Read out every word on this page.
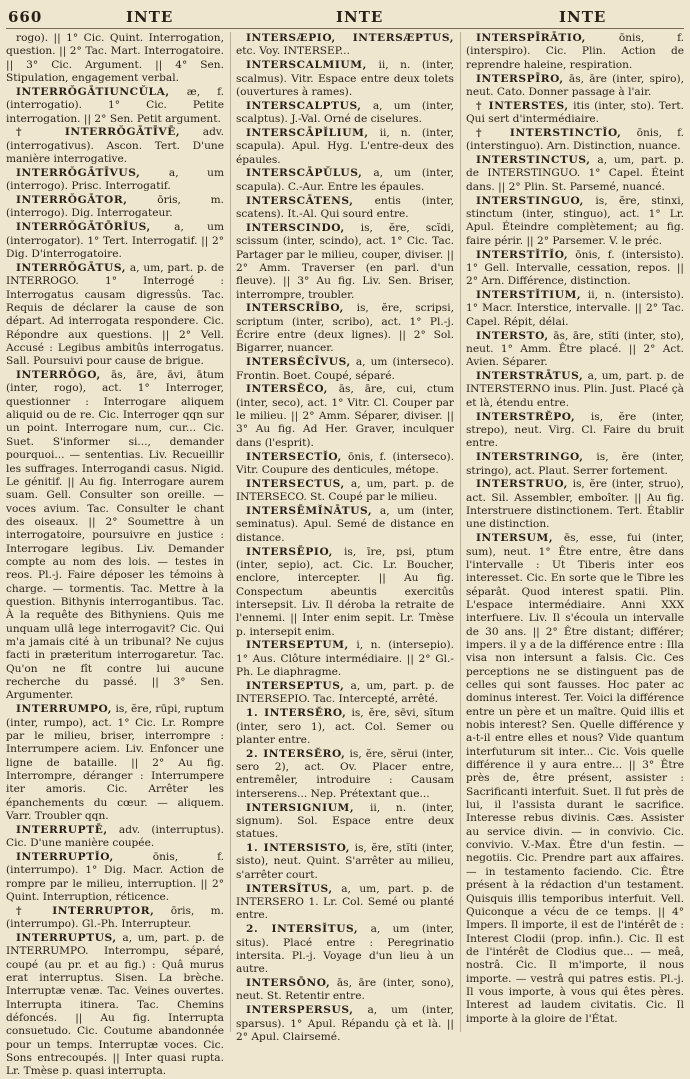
660	INTE	INTE	INTE

rogo). || 1° Cic. Quint. Interrogation, question. || 2° Tac. Mart. Interrogatoire. || 3° Cic. Argument. || 4° Sen. Stipulation, engagement verbal.

INTERRŎGĀTIUNCŬLA, æ, f. (interrogatio). 1° Cic. Petite interrogation. || 2° Sen. Petit argument.

† INTERRŎGĀTĪVĒ, adv. (interrogativus). Ascon. Tert. D'une manière interrogative.

INTERRŎGĀTĪVUS,	a, um (interrogo). Prisc. Interrogatif.

INTERRŎGĀTOR,	ōris, m. (interrogo). Dig. Interrogateur.

INTERRŎGĀTŌRĬUS, a, um (interrogator). 1° Tert. Interrogatif. || 2° Dig. D'interrogatoire.

INTERRŎGĀTUS, a, um, part. p. de INTERROGO. 1° Interrogé : Interrogatus causam digressûs. Tac. Requis de déclarer la cause de son départ. Ad interrogata respondere. Cic. Répondre aux questions. || 2° Vell. Accusé : Legibus ambitûs interrogatus. Sall. Poursuivi pour cause de brigue.

INTERRŎGO, ās, āre, āvi, ātum (inter, rogo), act. 1° Interroger, questionner : Interrogare aliquem aliquid ou de re. Cic. Interroger qqn sur un point. Interrogare num, cur... Cic. Suet. S'informer si..., demander pourquoi... — sententias. Liv. Recueillir les suffrages. Interrogandi casus. Nigid. Le génitif. || Au fig. Interrogare aurem suam. Gell. Consulter son oreille. — voces avium. Tac. Consulter le chant des oiseaux. || 2° Soumettre à un interrogatoire, poursuivre en justice : Interrogare legibus. Liv. Demander compte au nom des lois. — testes in reos. Pl.-j. Faire déposer les témoins à charge. — tormentis. Tac. Mettre à la question. Bithynis interrogantibus. Tac. À la requête des Bithyniens. Quis me unquam ullâ lege interrogavit? Cic. Qui m'a jamais cité à un tribunal? Ne cujus facti in præteritum interrogaretur. Tac. Qu'on ne fît contre lui aucune recherche du passé. || 3° Sen. Argumenter.

INTERRUMPO, is, ĕre, rūpi, ruptum (inter, rumpo), act. 1° Cic. Lr. Rompre par le milieu, briser, interrompre : Interrumpere aciem. Liv. Enfoncer une ligne de bataille. || 2° Au fig. Interrompre, déranger : Interrumpere iter amoris. Cic. Arrêter les épanchements du cœur. — aliquem. Varr. Troubler qqn.

INTERRUPTĒ, adv. (interruptus). Cic. D'une manière coupée.

INTERRUPTĬO,	ōnis, f. (interrumpo). 1° Dig. Macr. Action de rompre par le milieu, interruption. || 2° Quint. Interruption, réticence.

† INTERRUPTOR, ōris, m. (interrumpo). Gl.-Ph. Interrupteur.

INTERRUPTUS, a, um, part. p. de INTERRUMPO. Interrompu, séparé, coupé (au pr. et au fig.) : Quâ murus erat interruptus. Sisen. La brèche. Interruptæ venæ. Tac. Veines ouvertes. Interrupta itinera. Tac. Chemins défoncés. || Au fig. Interrupta consuetudo. Cic. Coutume abandonnée pour un temps. Interruptæ voces. Cic. Sons entrecoupés. || Inter quasi rupta. Lr. Tmèse p. quasi interrupta.

INTERSÆPIO, INTERSÆPTUS, etc. Voy. INTERSEP...

INTERSCALMIUM, ii, n. (inter, scalmus). Vitr. Espace entre deux tolets (ouvertures à rames).

INTERSCALPTUS, a, um (inter, scalptus). J.-Val. Orné de ciselures.

INTERSCĀPĬLIUM, ii, n. (inter, scapula). Apul. Hyg. L'entre-deux des épaules.

INTERSCĀPŬLUS, a, um (inter, scapula). C.-Aur. Entre les épaules.

INTERSCĀTENS, entis (inter, scatens). It.-Al. Qui sourd entre.

INTERSCINDO, is, ĕre, scĭdi, scissum (inter, scindo), act. 1° Cic. Tac. Partager par le milieu, couper, diviser. || 2° Amm. Traverser (en parl. d'un fleuve). || 3° Au fig. Liv. Sen. Briser, interrompre, troubler.

INTERSCRĪBO, is, ĕre, scripsi, scriptum (inter, scribo), act. 1° Pl.-j. Écrire entre (deux lignes). || 2° Sol. Bigarrer, nuancer.

INTERSĔCĪVUS, a, um (interseco). Frontin. Boet. Coupé, séparé.

INTERSĔCO, ās, āre, cui, ctum (inter, seco), act. 1° Vitr. Cl. Couper par le milieu. || 2° Amm. Séparer, diviser. || 3° Au fig. Ad Her. Graver, inculquer dans (l'esprit).

INTERSECTĬO, ōnis, f. (interseco). Vitr. Coupure des denticules, métope.

INTERSECTUS, a, um, part. p. de INTERSECO. St. Coupé par le milieu.

INTERSĒMĬNĀTUS, a, um (inter, seminatus). Apul. Semé de distance en distance.

INTERSĒPIO, is, īre, psi, ptum (inter, sepio), act. Cic. Lr. Boucher, enclore, intercepter. || Au fig. Conspectum abeuntis exercitûs intersepsit. Liv. Il déroba la retraite de l'ennemi. || Inter enim sepit. Lr. Tmèse p. intersepit enim.

INTERSEPTUM, i, n. (intersepio). 1° Aus. Clôture intermédiaire. || 2° Gl.-Ph. Le diaphragme.

INTERSEPTUS, a, um, part. p. de INTERSEPIO. Tac. Intercepté, arrêté.

1. INTERSĔRO, is, ĕre, sēvi, sĭtum (inter, sero 1), act. Col. Semer ou planter entre.

2. INTERSĔRO, is, ĕre, sĕrui (inter, sero 2), act. Ov. Placer entre, entremêler, introduire : Causam interserens... Nep. Prétextant que...

INTERSIGNIUM, ii, n. (inter, signum). Sol. Espace entre deux statues.

1. INTERSISTO, is, ĕre, stĭti (inter, sisto), neut. Quint. S'arrêter au milieu, s'arrêter court.

INTERSĬTUS, a, um, part. p. de INTERSERO 1. Lr. Col. Semé ou planté entre.

2. INTERSĬTUS, a, um (inter, situs). Placé entre : Peregrinatio intersita. Pl.-j. Voyage d'un lieu à un autre.

INTERSŌNO, ās, āre (inter, sono), neut. St. Retentir entre.

INTERSPERSUS, a, um (inter, sparsus). 1° Apul. Répandu çà et là. || 2° Apul. Clairsemé.

INTERSPĪRĀTIO,	ōnis, f. (interspiro). Cic. Plin. Action de reprendre haleine, respiration.

INTERSPĪRO, ās, āre (inter, spiro), neut. Cato. Donner passage à l'air.

† INTERSTES, itis (inter, sto). Tert. Qui sert d'intermédiaire.

† INTERSTINCTĬO, ōnis, f. (interstinguo). Arn. Distinction, nuance.

INTERSTINCTUS, a, um, part. p. de INTERSTINGUO. 1° Capel. Éteint dans. || 2° Plin. St. Parsemé, nuancé.

INTERSTINGUO, is, ĕre, stinxi, stinctum (inter, stinguo), act. 1° Lr. Apul. Éteindre complètement; au fig. faire périr. || 2° Parsemer. V. le préc.

INTERSTĬTĬO, ōnis, f. (intersisto). 1° Gell. Intervalle, cessation, repos. || 2° Arn. Différence, distinction.

INTERSTĬTIUM, ii, n. (intersisto). 1° Macr. Interstice, intervalle. || 2° Tac. Capel. Répit, délai.

INTERSTO, ās, āre, stĭti (inter, sto), neut. 1° Amm. Être placé. || 2° Act. Avien. Séparer.

INTERSTRĀTUS, a, um, part. p. de INTERSTERNO inus. Plin. Just. Placé çà et là, étendu entre.

INTERSTRĔPO, is, ĕre (inter, strepo), neut. Virg. Cl. Faire du bruit entre.

INTERSTRINGO, is, ĕre (inter, stringo), act. Plaut. Serrer fortement.

INTERSTRUO, is, ĕre (inter, struo), act. Sil. Assembler, emboîter. || Au fig. Interstruere distinctionem. Tert. Établir une distinction.

INTERSUM, ēs, esse, fui (inter, sum), neut. 1° Être entre, être dans l'intervalle : Ut Tiberis inter eos interesset. Cic. En sorte que le Tibre les séparât. Quod interest spatii. Plin. L'espace intermédiaire. Anni XXX interfuere. Liv. Il s'écoula un intervalle de 30 ans. || 2° Être distant; différer; impers. il y a de la différence entre : Illa visa non intersunt a falsis. Cic. Ces perceptions ne se distinguent pas de celles qui sont fausses. Hoc pater ac dominus interest. Ter. Voici la différence entre un père et un maître. Quid illis et nobis interest? Sen. Quelle différence y a-t-il entre elles et nous? Vide quantum interfuturum sit inter... Cic. Vois quelle différence il y aura entre... || 3° Être près de, être présent, assister : Sacrificanti interfuit. Suet. Il fut près de lui, il l'assista durant le sacrifice. Interesse rebus divinis. Cæs. Assister au service divin. — in convivio. Cic. convivio. V.-Max. Être d'un festin. — negotiis. Cic. Prendre part aux affaires. — in testamento faciendo. Cic. Être présent à la rédaction d'un testament. Quisquis illis temporibus interfuit. Vell. Quiconque a vécu de ce temps. || 4° Impers. Il importe, il est de l'intérêt de : Interest Clodii (prop. infin.). Cic. Il est de l'intérêt de Clodius que... — meâ, nostrâ. Cic. Il m'importe, il nous importe. — vestrâ qui patres estis. Pl.-j. Il vous importe, à vous qui êtes pères. Interest ad laudem civitatis. Cic. Il importe à la gloire de l'État.
